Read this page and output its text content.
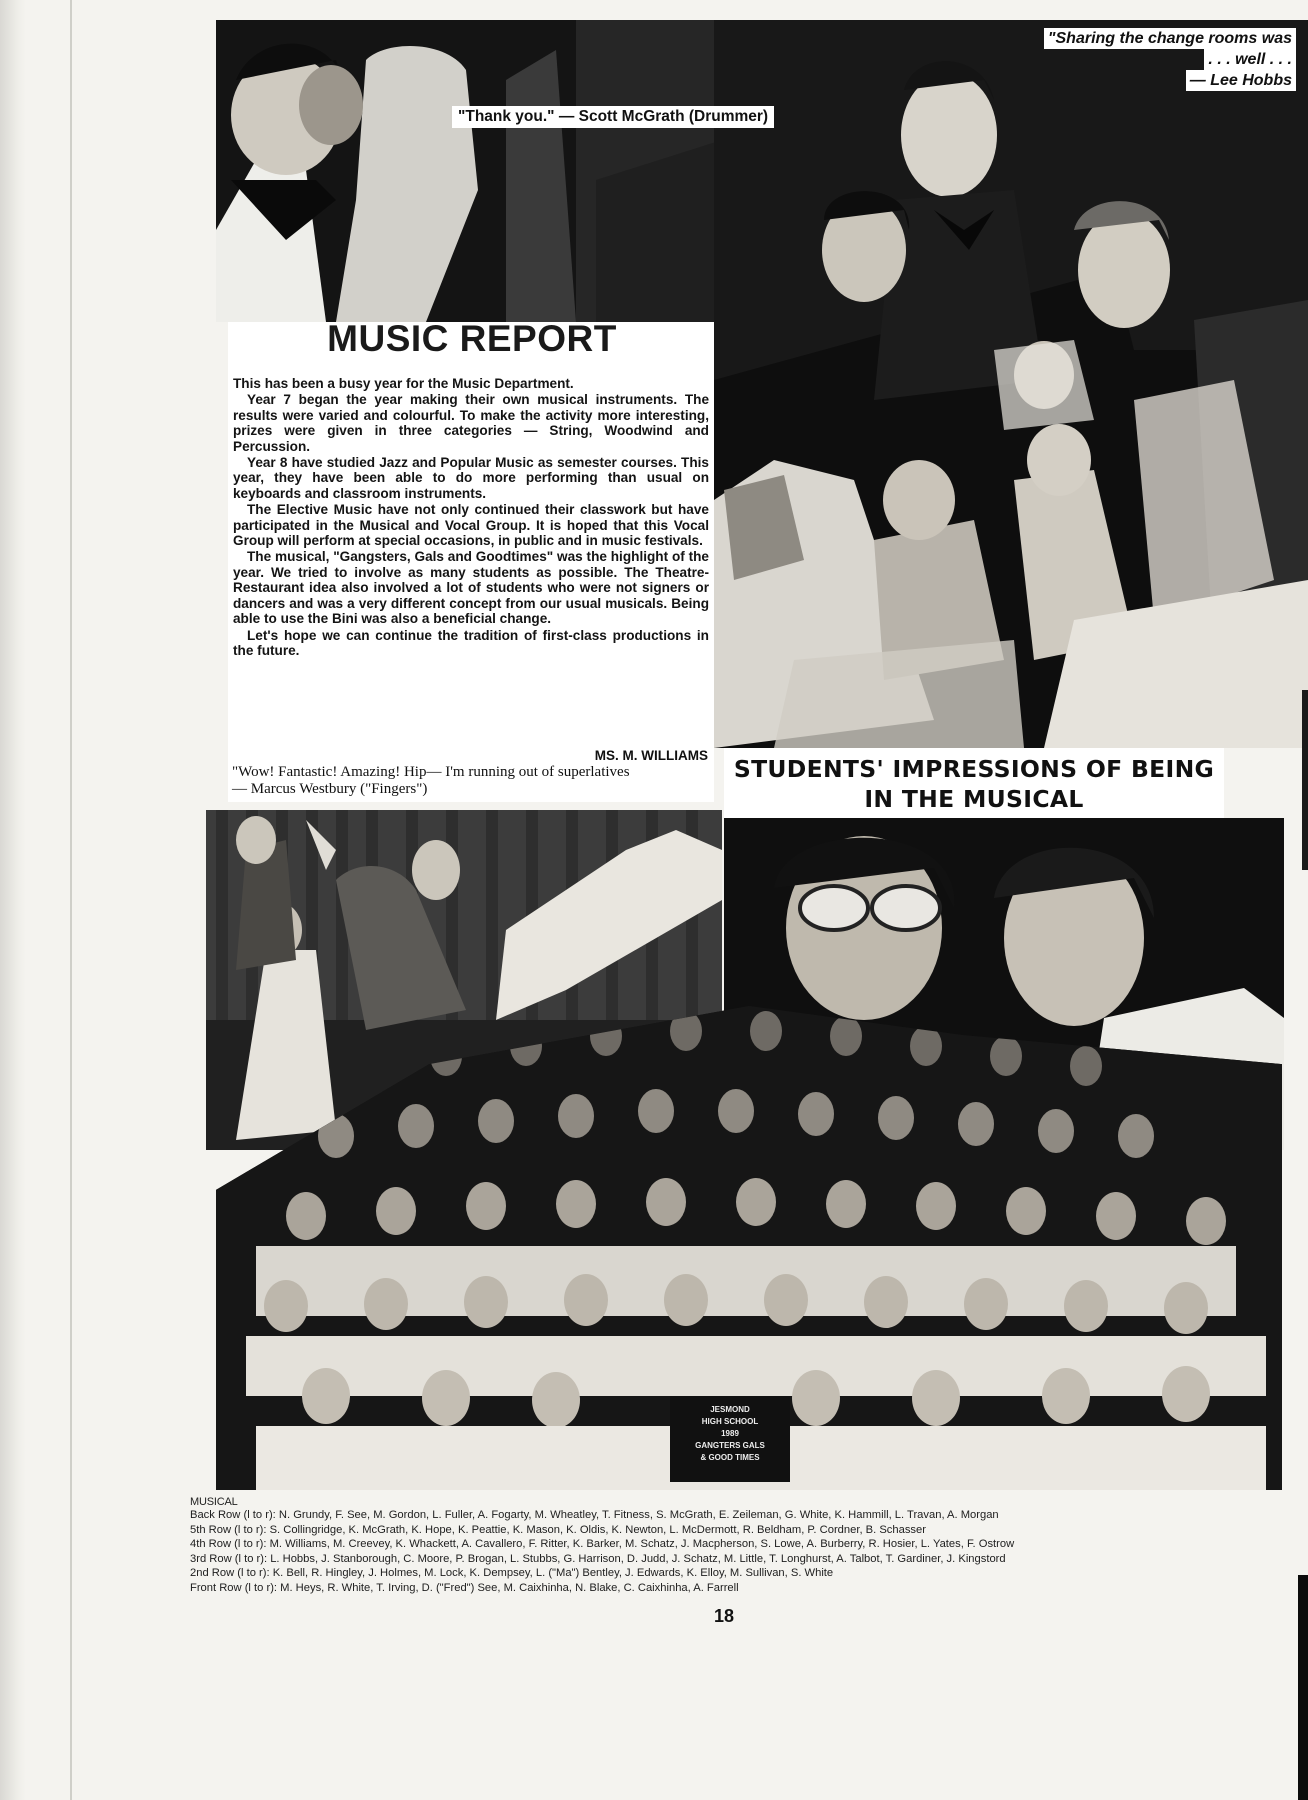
JESMOND
HIGH SCHOOL
1989
GANGTERS GALS
& GOOD TIMES
"Thank you." — Scott McGrath (Drummer)
"Sharing the change rooms was
. . . well . . .
— Lee Hobbs
MUSIC REPORT

This has been a busy year for the Music Department.

Year 7 began the year making their own musical instruments. The results were varied and colourful. To make the activity more interesting, prizes were given in three categories — String, Woodwind and Percussion.

Year 8 have studied Jazz and Popular Music as semester courses. This year, they have been able to do more performing than usual on keyboards and classroom instruments.

The Elective Music have not only continued their classwork but have participated in the Musical and Vocal Group. It is hoped that this Vocal Group will perform at special occasions, in public and in music festivals.

The musical, "Gangsters, Gals and Goodtimes" was the highlight of the year. We tried to involve as many students as possible. The Theatre-Restaurant idea also involved a lot of students who were not signers or dancers and was a very different concept from our usual musicals. Being able to use the Bini was also a beneficial change.

Let's hope we can continue the tradition of first-class productions in the future.

MS. M. WILLIAMS
"Wow! Fantastic! Amazing! Hip— I'm running out of superlatives
— Marcus Westbury ("Fingers")
STUDENTS' IMPRESSIONS OF BEING
IN THE MUSICAL
MUSICAL
Back Row (l to r): N. Grundy, F. See, M. Gordon, L. Fuller, A. Fogarty, M. Wheatley, T. Fitness, S. McGrath, E. Zeileman, G. White, K. Hammill, L. Travan, A. Morgan
5th Row (l to r): S. Collingridge, K. McGrath, K. Hope, K. Peattie, K. Mason, K. Oldis, K. Newton, L. McDermott, R. Beldham, P. Cordner, B. Schasser
4th Row (l to r): M. Williams, M. Creevey, K. Whackett, A. Cavallero, F. Ritter, K. Barker, M. Schatz, J. Macpherson, S. Lowe, A. Burberry, R. Hosier, L. Yates, F. Ostrow
3rd Row (l to r): L. Hobbs, J. Stanborough, C. Moore, P. Brogan, L. Stubbs, G. Harrison, D. Judd, J. Schatz, M. Little, T. Longhurst, A. Talbot, T. Gardiner, J. Kingstord
2nd Row (l to r): K. Bell, R. Hingley, J. Holmes, M. Lock, K. Dempsey, L. ("Ma") Bentley, J. Edwards, K. Elloy, M. Sullivan, S. White
Front Row (l to r): M. Heys, R. White, T. Irving, D. ("Fred") See, M. Caixhinha, N. Blake, C. Caixhinha, A. Farrell
18
